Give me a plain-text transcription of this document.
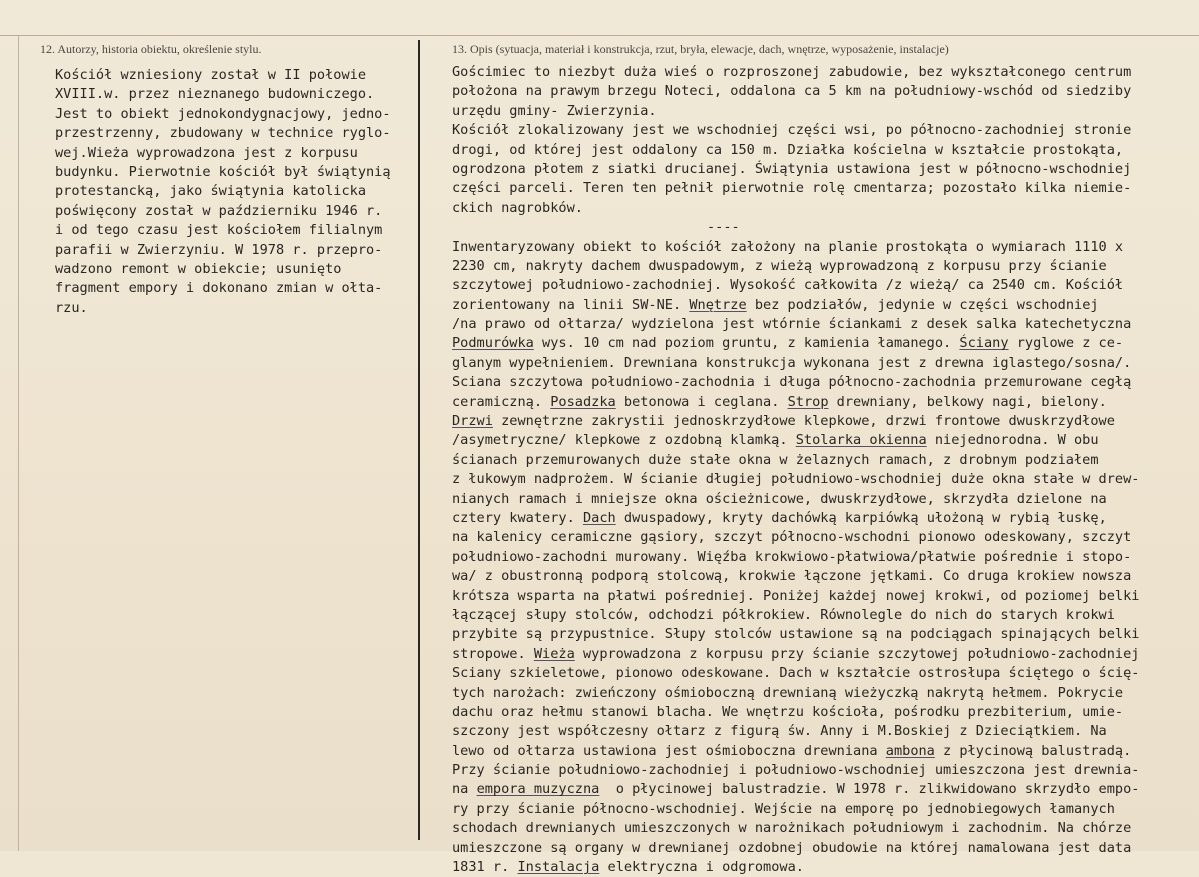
12. Autorzy, historia obiektu, określenie stylu.	13. Opis (sytuacja, materiał i konstrukcja, rzut, bryła, elewacje, dach, wnętrze, wyposażenie, instalacje)
Kościół wzniesiony został w II połowie
XVIII.w. przez nieznanego budowniczego.
Jest to obiekt jednokondygnacjowy, jedno-
przestrzenny, zbudowany w technice ryglo-
wej.Wieża wyprowadzona jest z korpusu
budynku. Pierwotnie kościół był świątynią
protestancką, jako świątynia katolicka
poświęcony został w październiku 1946 r.
i od tego czasu jest kościołem filialnym
parafii w Zwierzyniu. W 1978 r. przepro-
wadzono remont w obiekcie; usunięto
fragment empory i dokonano zmian w ołta-
rzu.
Gościmiec to niezbyt duża wieś o rozproszonej zabudowie, bez wykształconego centrum
położona na prawym brzegu Noteci, oddalona ca 5 km na południowy-wschód od siedziby
urzędu gminy- Zwierzynia.
Kościół zlokalizowany jest we wschodniej części wsi, po północno-zachodniej stronie
drogi, od której jest oddalony ca 150 m. Działka kościelna w kształcie prostokąta,
ogrodzona płotem z siatki drucianej. Świątynia ustawiona jest w północno-wschodniej
części parceli. Teren ten pełnił pierwotnie rolę cmentarza; pozostało kilka niemie-
ckich nagrobków.
----
Inwentaryzowany obiekt to kościół założony na planie prostokąta o wymiarach 1110 x
2230 cm, nakryty dachem dwuspadowym, z wieżą wyprowadzoną z korpusu przy ścianie
szczytowej południowo-zachodniej. Wysokość całkowita /z wieżą/ ca 2540 cm. Kościół
zorientowany na linii SW-NE. Wnętrze bez podziałów, jedynie w części wschodniej
/na prawo od ołtarza/ wydzielona jest wtórnie ściankami z desek salka katechetyczna
Podmurówka wys. 10 cm nad poziom gruntu, z kamienia łamanego. Ściany ryglowe z ce-
glanym wypełnieniem. Drewniana konstrukcja wykonana jest z drewna iglastego/sosna/.
Sciana szczytowa południowo-zachodnia i długa północno-zachodnia przemurowane cegłą
ceramiczną. Posadzka betonowa i ceglana. Strop drewniany, belkowy nagi, bielony.
Drzwi zewnętrzne zakrystii jednoskrzydłowe klepkowe, drzwi frontowe dwuskrzydłowe
/asymetryczne/ klepkowe z ozdobną klamką. Stolarka okienna niejednorodna. W obu
ścianach przemurowanych duże stałe okna w żelaznych ramach, z drobnym podziałem
z łukowym nadprożem. W ścianie długiej południowo-wschodniej duże okna stałe w drew-
nianych ramach i mniejsze okna ościeżnicowe, dwuskrzydłowe, skrzydła dzielone na
cztery kwatery. Dach dwuspadowy, kryty dachówką karpiówką ułożoną w rybią łuskę,
na kalenicy ceramiczne gąsiory, szczyt północno-wschodni pionowo odeskowany, szczyt
południowo-zachodni murowany. Więźba krokwiowo-płatwiowa/płatwie pośrednie i stopo-
wa/ z obustronną podporą stolcową, krokwie łączone jętkami. Co druga krokiew nowsza
krótsza wsparta na płatwi pośredniej. Poniżej każdej nowej krokwi, od poziomej belki
łączącej słupy stolców, odchodzi półkrokiew. Równolegle do nich do starych krokwi
przybite są przypustnice. Słupy stolców ustawione są na podciągach spinających belki
stropowe. Wieża wyprowadzona z korpusu przy ścianie szczytowej południowo-zachodniej
Sciany szkieletowe, pionowo odeskowane. Dach w kształcie ostrosłupa ściętego o ścię-
tych narożach: zwieńczony ośmioboczną drewnianą wieżyczką nakrytą hełmem. Pokrycie
dachu oraz hełmu stanowi blacha. We wnętrzu kościoła, pośrodku prezbiterium, umie-
szczony jest współczesny ołtarz z figurą św. Anny i M.Boskiej z Dzieciątkiem. Na
lewo od ołtarza ustawiona jest ośmioboczna drewniana ambona z płycinową balustradą.
Przy ścianie południowo-zachodniej i południowo-wschodniej umieszczona jest drewnia-
na empora muzyczna  o płycinowej balustradzie. W 1978 r. zlikwidowano skrzydło empo-
ry przy ścianie północno-wschodniej. Wejście na emporę po jednobiegowych łamanych
schodach drewnianych umieszczonych w narożnikach południowym i zachodnim. Na chórze
umieszczone są organy w drewnianej ozdobnej obudowie na której namalowana jest data
1831 r. Instalacja elektryczna i odgromowa.
